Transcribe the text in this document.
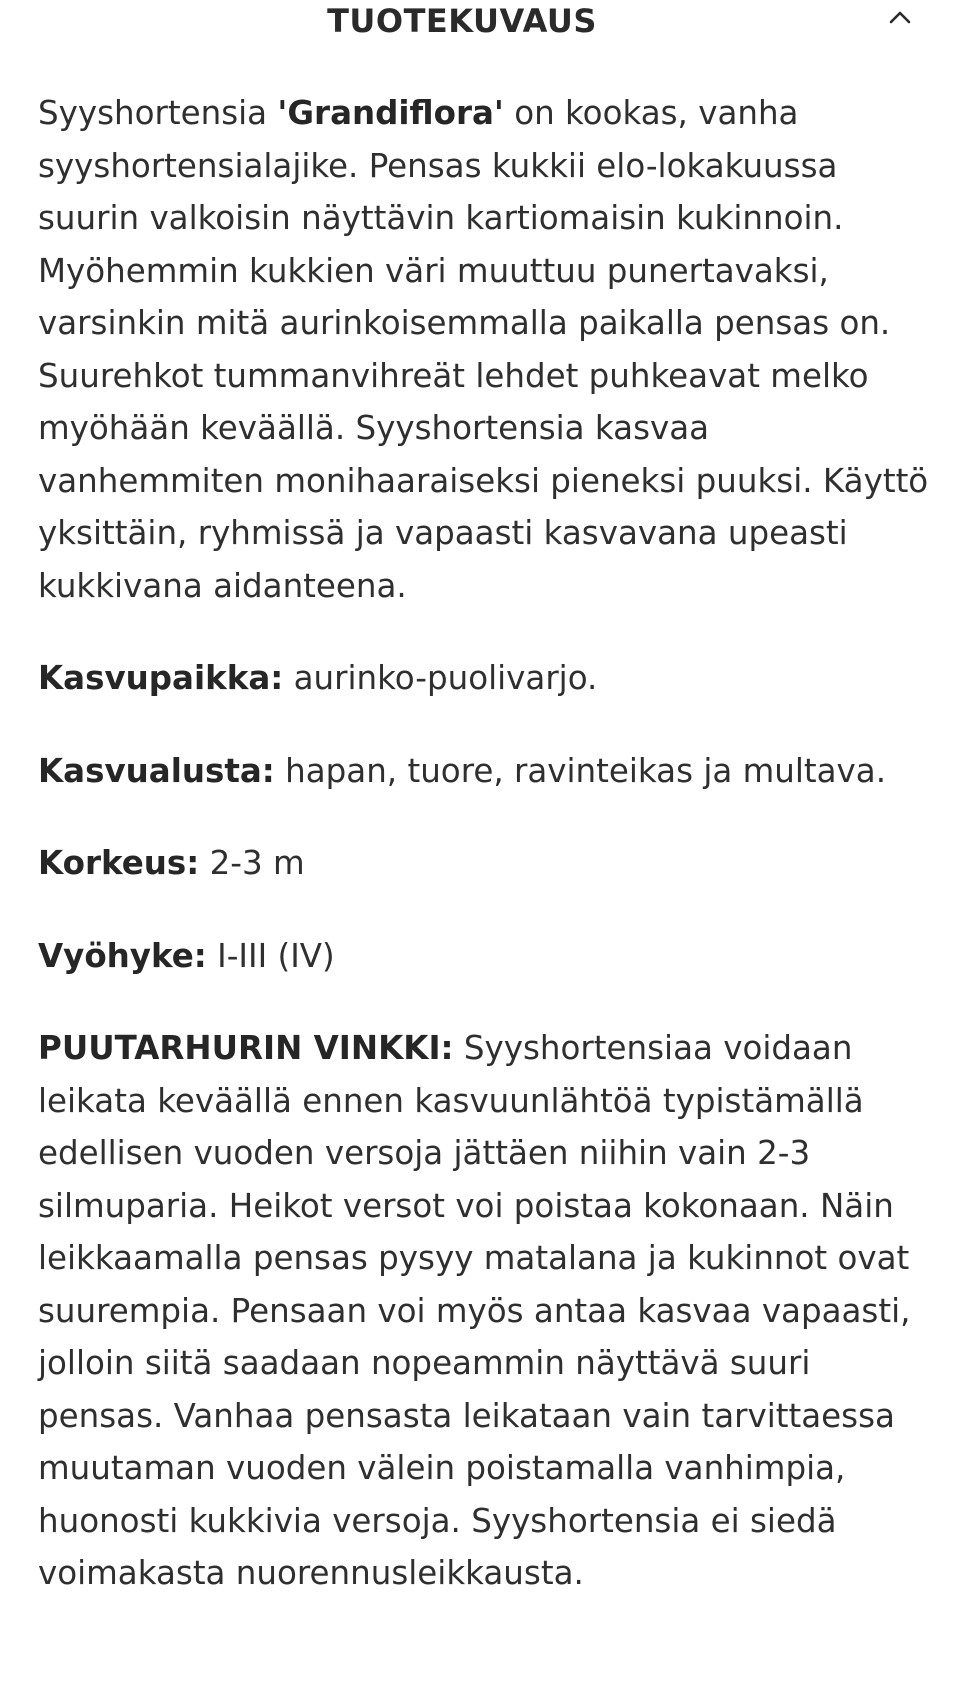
TUOTEKUVAUS

Syyshortensia 'Grandiflora' on kookas, vanha syyshortensialajike. Pensas kukkii elo-lokakuussa suurin valkoisin näyttävin kartiomaisin kukinnoin. Myöhemmin kukkien väri muuttuu punertavaksi, varsinkin mitä aurinkoisemmalla paikalla pensas on. Suurehkot tummanvihreät lehdet puhkeavat melko myöhään keväällä. Syyshortensia kasvaa vanhemmiten monihaaraiseksi pieneksi puuksi. Käyttö yksittäin, ryhmissä ja vapaasti kasvavana upeasti kukkivana aidanteena.

Kasvupaikka: aurinko-puolivarjo.

Kasvualusta: hapan, tuore, ravinteikas ja multava.

Korkeus: 2-3 m

Vyöhyke: I-III (IV)

PUUTARHURIN VINKKI: Syyshortensiaa voidaan leikata keväällä ennen kasvuunlähtöä typistämällä edellisen vuoden versoja jättäen niihin vain 2-3 silmuparia. Heikot versot voi poistaa kokonaan. Näin leikkaamalla pensas pysyy matalana ja kukinnot ovat suurempia. Pensaan voi myös antaa kasvaa vapaasti, jolloin siitä saadaan nopeammin näyttävä suuri pensas. Vanhaa pensasta leikataan vain tarvittaessa muutaman vuoden välein poistamalla vanhimpia, huonosti kukkivia versoja. Syyshortensia ei siedä voimakasta nuorennusleikkausta.
